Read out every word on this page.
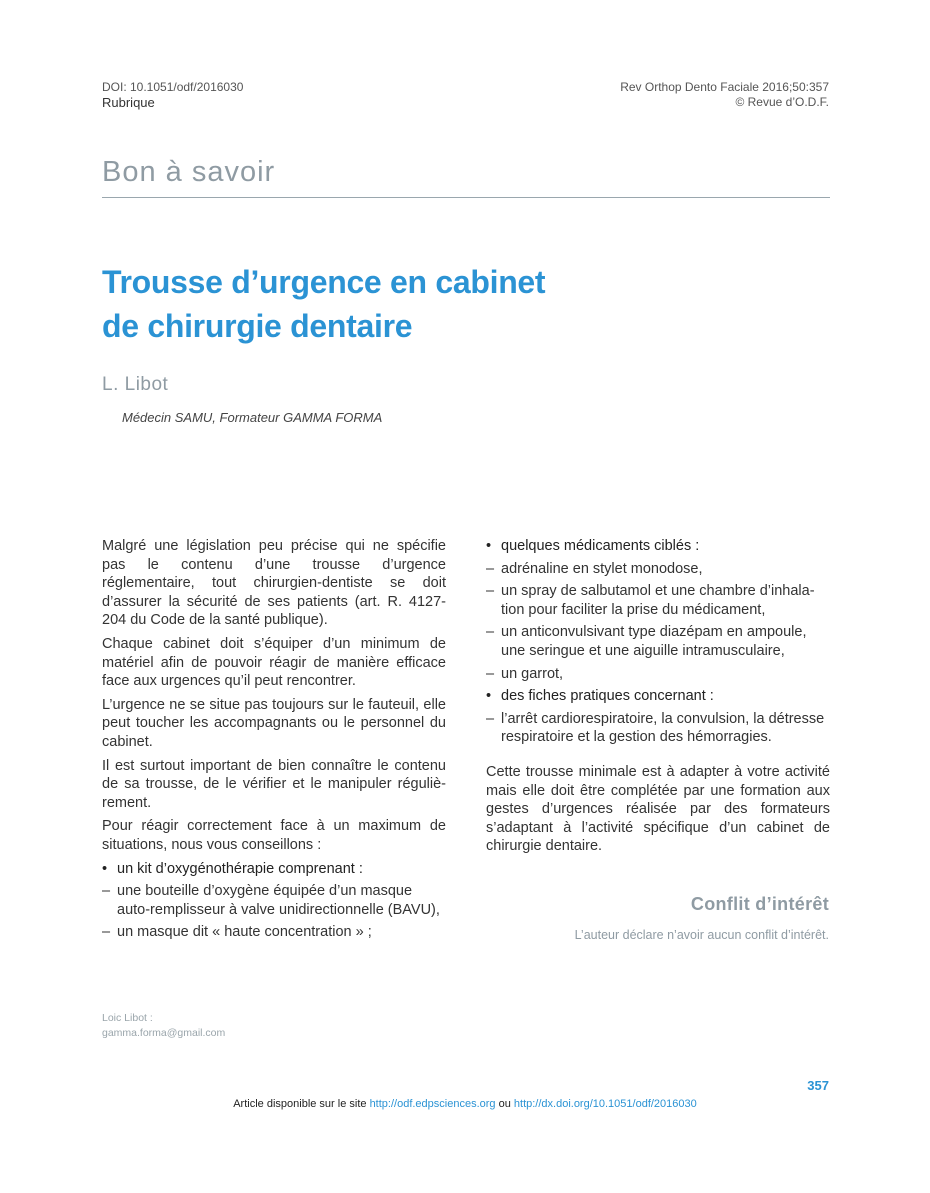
DOI: 10.1051/odf/2016030
Rubrique
Rev Orthop Dento Faciale 2016;50:357
© Revue d’O.D.F.
Bon à savoir
Trousse d’urgence en cabinet
de chirurgie dentaire
L. Libot
Médecin SAMU, Formateur GAMMA FORMA

Malgré une législation peu précise qui ne spécifie pas le contenu d’une trousse d’urgence réglementaire, tout chirurgien-dentiste se doit d’assurer la sécurité de ses patients (art. R. 4127-204 du Code de la santé publique).

Chaque cabinet doit s’équiper d’un minimum de matériel afin de pouvoir réagir de manière efficace face aux urgences qu’il peut rencontrer.

L’urgence ne se situe pas toujours sur le fauteuil, elle peut toucher les accompagnants ou le personnel du cabinet.

Il est surtout important de bien connaître le contenu de sa trousse, de le vérifier et le manipuler régulièrement.

Pour réagir correctement face à un maximum de situations, nous vous conseillons :

• un kit d’oxygénothérapie comprenant :
– une bouteille d’oxygène équipée d’un masque auto-remplisseur à valve unidirectionnelle (BAVU),
– un masque dit « haute concentration » ;
• quelques médicaments ciblés :
– adrénaline en stylet monodose,
– un spray de salbutamol et une chambre d’inhalation pour faciliter la prise du médicament,
– un anticonvulsivant type diazépam en ampoule, une seringue et une aiguille intramusculaire,
– un garrot,
• des fiches pratiques concernant :
– l’arrêt cardiorespiratoire, la convulsion, la détresse respiratoire et la gestion des hémorragies.

Cette trousse minimale est à adapter à votre activité mais elle doit être complétée par une formation aux gestes d’urgences réalisée par des formateurs s’adaptant à l’activité spécifique d’un cabinet de chirurgie dentaire.

Conflit d’intérêt
L’auteur déclare n’avoir aucun conflit d’intérêt.
Loic Libot :
gamma.forma@gmail.com
357
Article disponible sur le site http://odf.edpsciences.org ou http://dx.doi.org/10.1051/odf/2016030
